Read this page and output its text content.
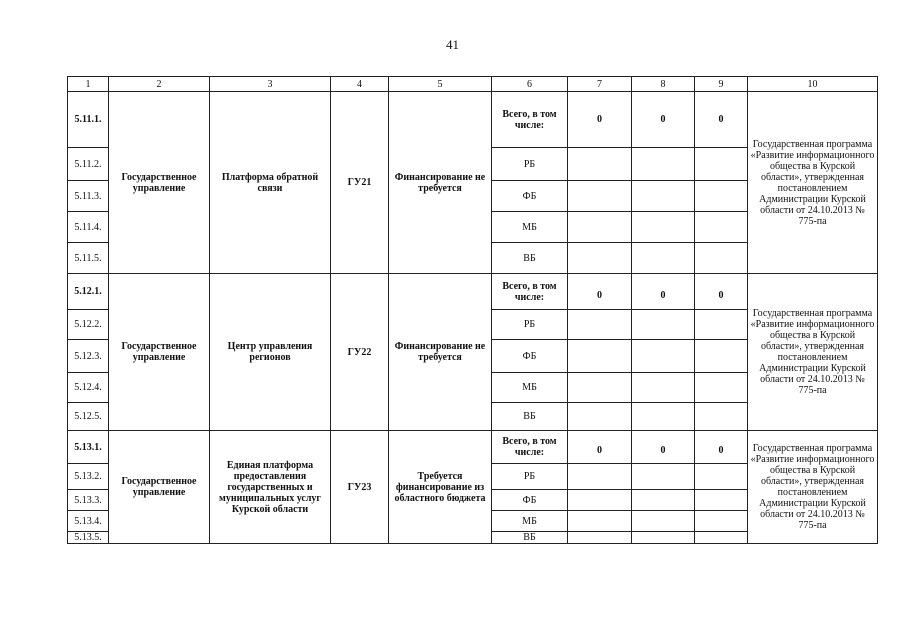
41
1	2	3	4	5	6	7	8	9	10
5.11.1.	Государственное управление	Платформа обратной связи	ГУ21	Финансирование не требуется	Всего, в том числе:	0	0	0	Государственная программа «Развитие информационного общества в Курской области», утвержденная постановлением Администрации Курской области от 24.10.2013 № 775-па
5.11.2.					РБ				
5.11.3.					ФБ				
5.11.4.					МБ				
5.11.5.					ВБ				
5.12.1.	Государственное управление	Центр управления регионов	ГУ22	Финансирование не требуется	Всего, в том числе:	0	0	0	Государственная программа «Развитие информационного общества в Курской области», утвержденная постановлением Администрации Курской области от 24.10.2013 № 775-па
5.12.2.					РБ				
5.12.3.					ФБ				
5.12.4.					МБ				
5.12.5.					ВБ				
5.13.1.	Государственное управление	Единая платформа предоставления государственных и муниципальных услуг Курской области	ГУ23	Требуется финансирование из областного бюджета	Всего, в том числе:	0	0	0	Государственная программа «Развитие информационного общества в Курской области», утвержденная постановлением Администрации Курской области от 24.10.2013 № 775-па
5.13.2.					РБ				
5.13.3.					ФБ				
5.13.4.					МБ				
5.13.5.					ВБ				
